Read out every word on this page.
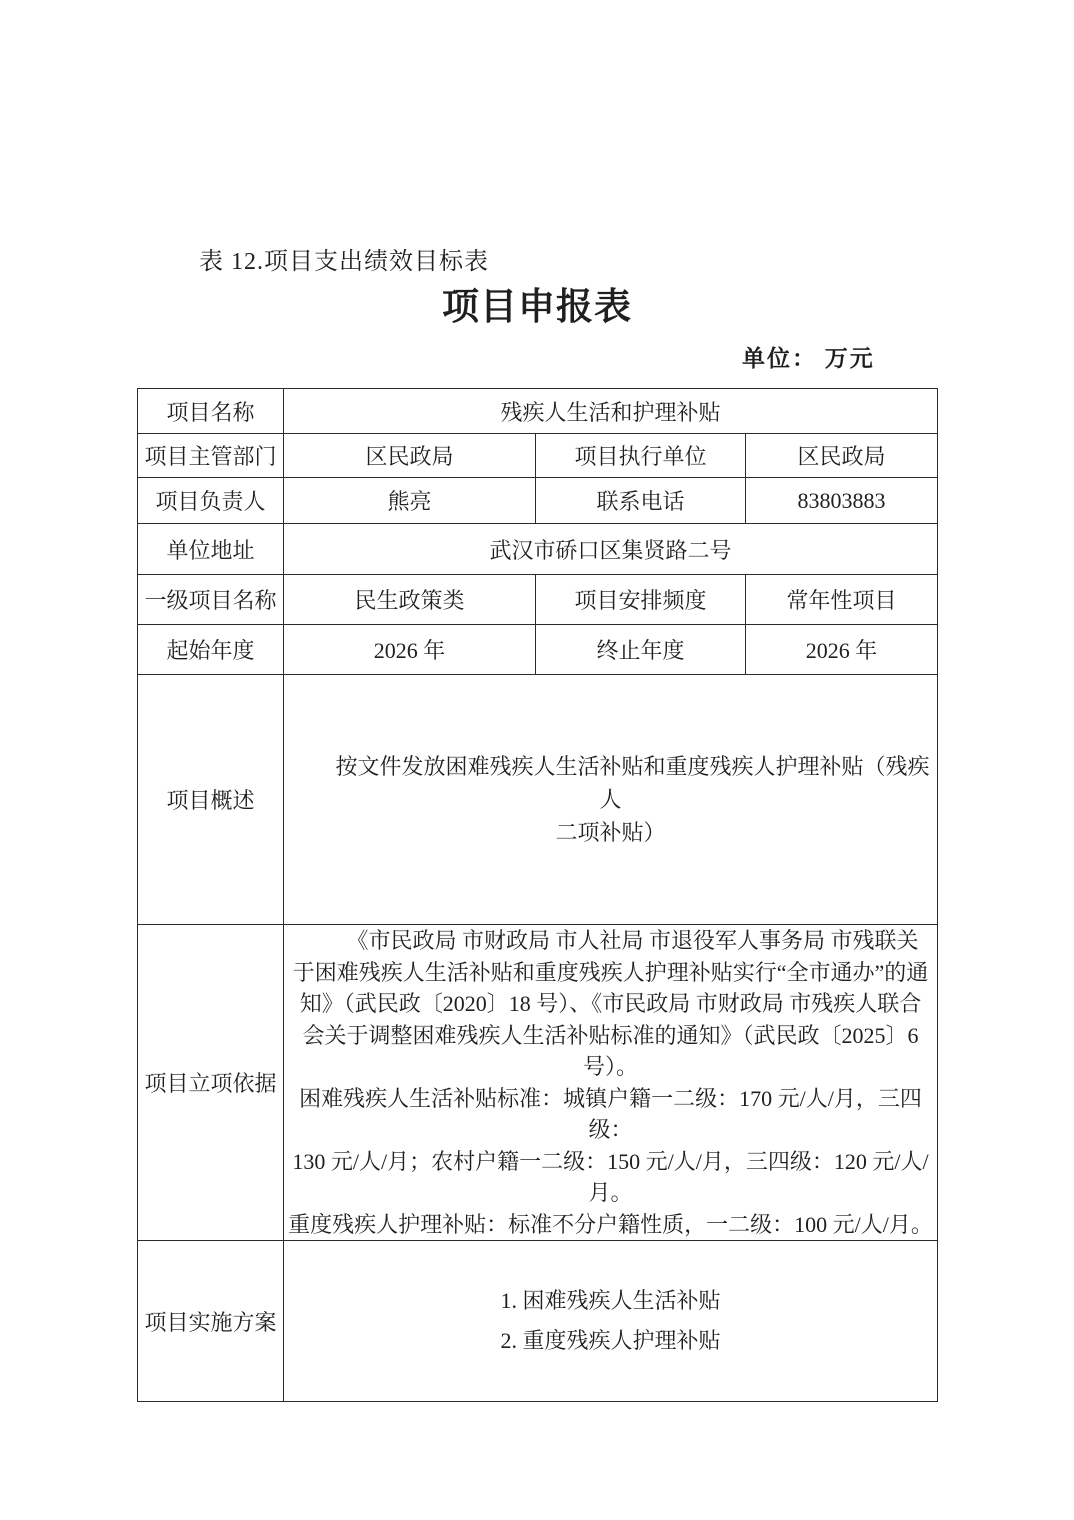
表 12.项目支出绩效目标表
项目申报表
单位： 万元
项目名称	残疾人生活和护理补贴		
项目主管部门	区民政局	项目执行单位	区民政局
项目负责人	熊亮	联系电话	83803883
单位地址	武汉市硚口区集贤路二号		
一级项目名称	民生政策类	项目安排频度	常年性项目
起始年度	2026 年	终止年度	2026 年
项目概述	按文件发放困难残疾人生活补贴和重度残疾人护理补贴（残疾人
二项补贴）		
项目立项依据	《市民政局 市财政局 市人社局 市退役军人事务局 市残联关
于困难残疾人生活补贴和重度残疾人护理补贴实行“全市通办”的通
知》（武民政〔2020〕18 号）、《市民政局 市财政局 市残疾人联合
会关于调整困难残疾人生活补贴标准的通知》（武民政〔2025〕6 号）。
困难残疾人生活补贴标准：城镇户籍一二级：170 元/人/月，三四级：
130 元/人/月；农村户籍一二级：150 元/人/月，三四级：120 元/人/月。
重度残疾人护理补贴：标准不分户籍性质，一二级：100 元/人/月。
项目实施方案	1. 困难残疾人生活补贴
2. 重度残疾人护理补贴		
